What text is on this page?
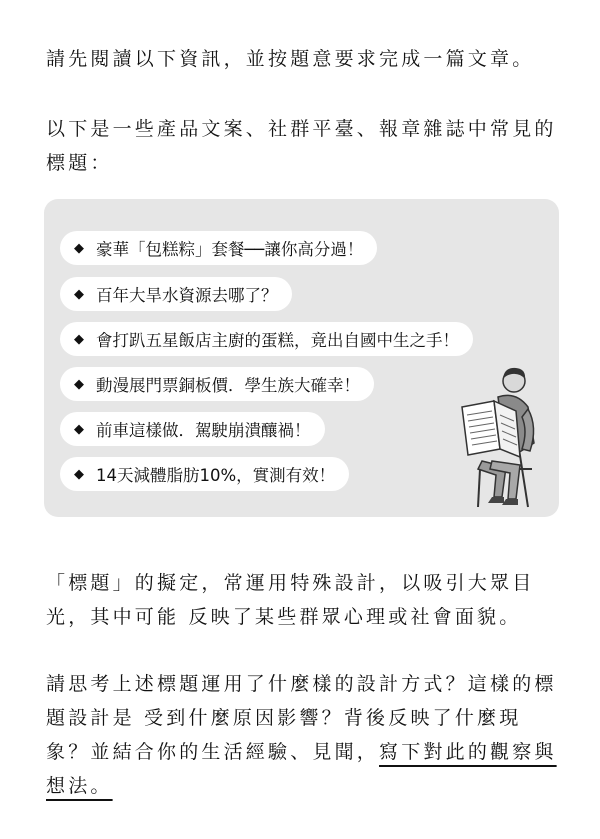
請先閱讀以下資訊，並按題意要求完成一篇文章。

以下是一些產品文案、社群平臺、報章雜誌中常見的標題：

◆ 豪華「包糕粽」套餐──讓你高分過！
◆ 百年大旱水資源去哪了？
◆ 會打趴五星飯店主廚的蛋糕，竟出自國中生之手！
◆ 動漫展門票銅板價．學生族大確幸！
◆ 前車這樣做．駕駛崩潰釀禍！
◆ 14天減體脂肪10%，實測有效！

「標題」的擬定，常運用特殊設計，以吸引大眾目光，其中可能 反映了某些群眾心理或社會面貌。

請思考上述標題運用了什麼樣的設計方式？這樣的標題設計是 受到什麼原因影響？背後反映了什麼現象？並結合你的生活經驗、見聞，寫下對此的觀察與想法。
